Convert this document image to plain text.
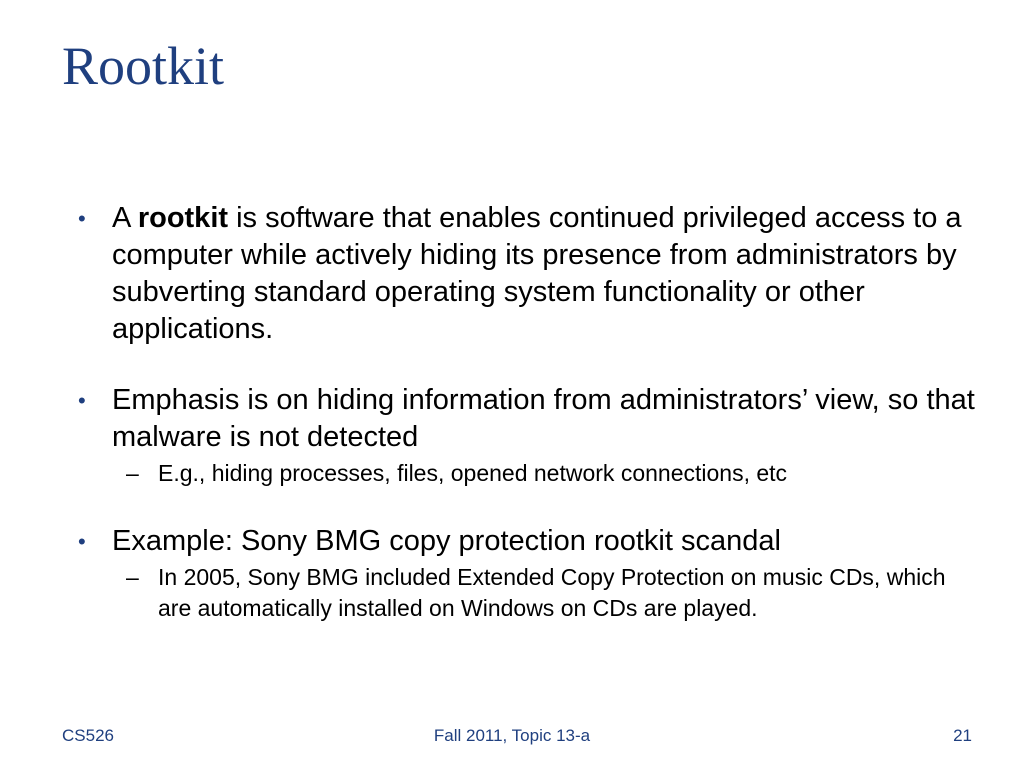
Rootkit

• A rootkit is software that enables continued privileged access to a computer while actively hiding its presence from administrators by subverting standard operating system functionality or other applications.

• Emphasis is on hiding information from administrators’ view, so that malware is not detected

– E.g., hiding processes, files, opened network connections, etc

• Example: Sony BMG copy protection rootkit scandal

– In 2005, Sony BMG included Extended Copy Protection on music CDs, which are automatically installed on Windows on CDs are played.

CS526	Fall 2011, Topic 13-a	21
